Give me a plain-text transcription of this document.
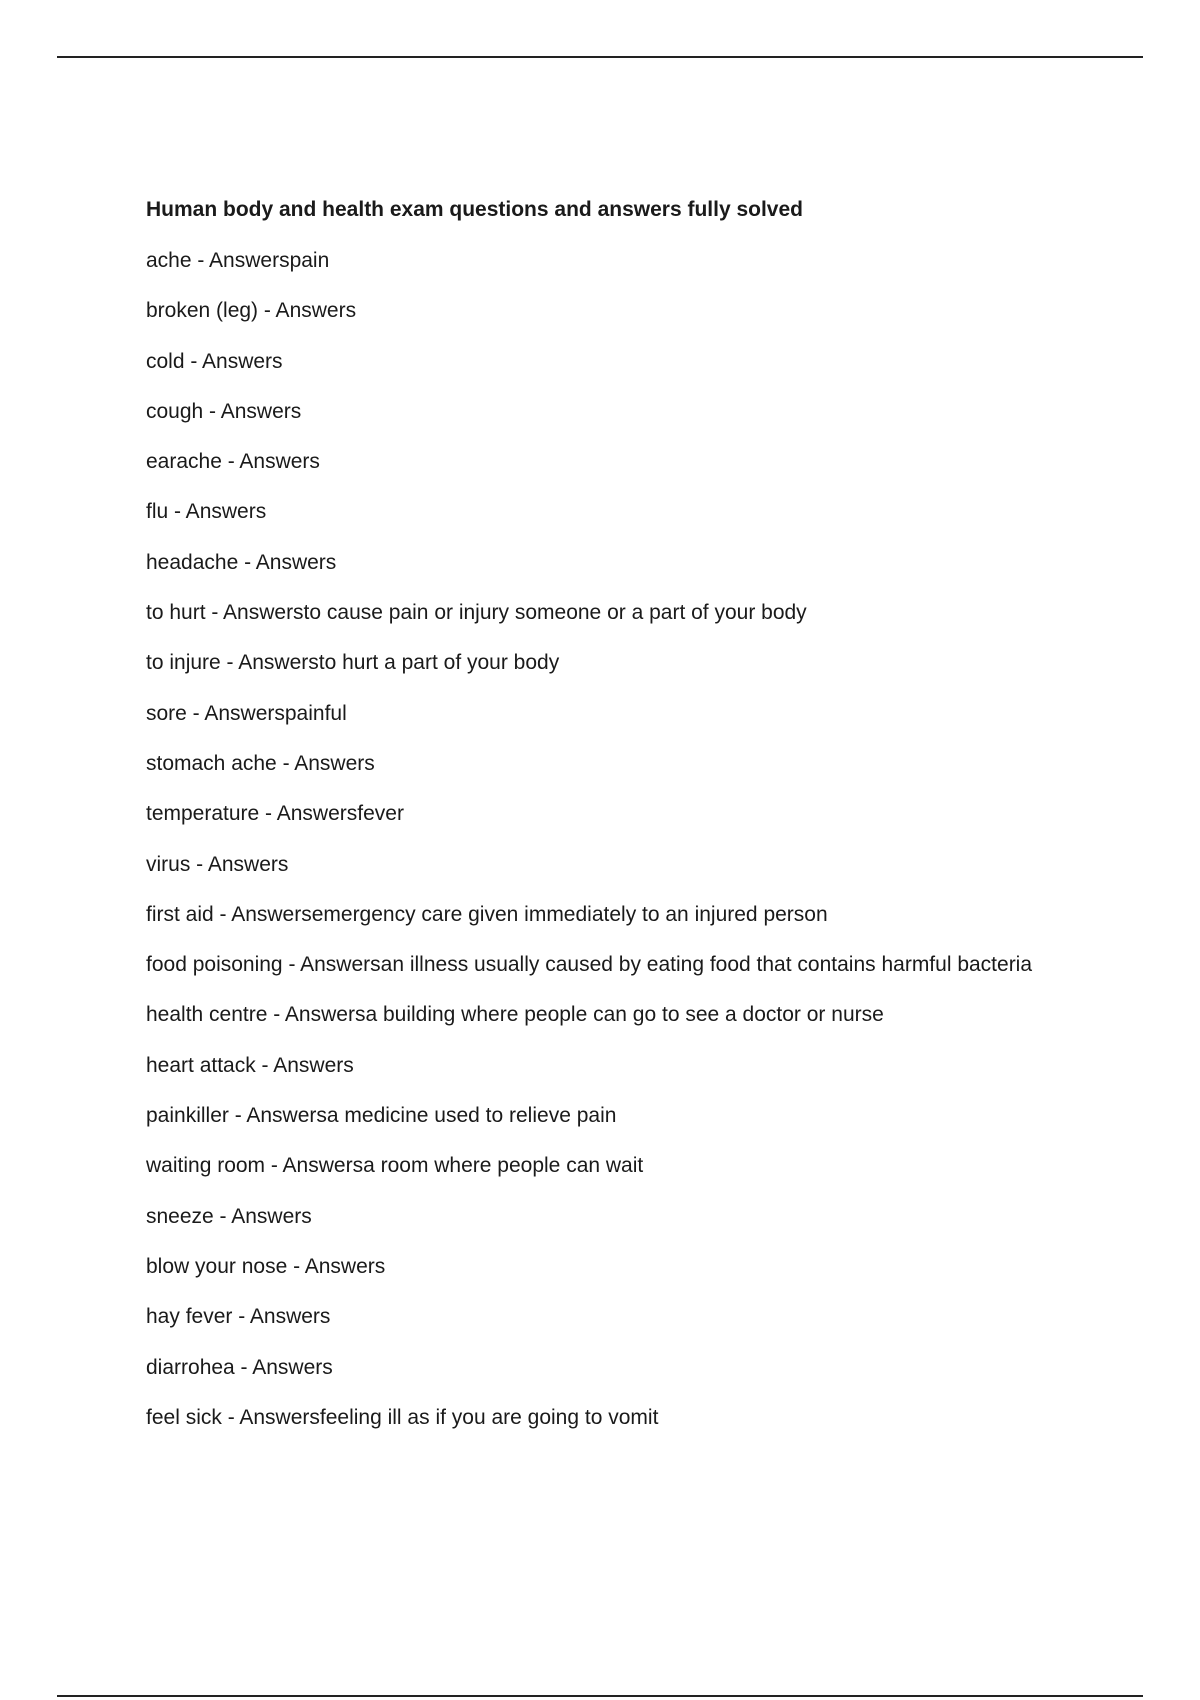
Human body and health exam questions and answers fully solved
ache - Answerspain
broken (leg) - Answers
cold - Answers
cough - Answers
earache - Answers
flu - Answers
headache - Answers
to hurt - Answersto cause pain or injury someone or a part of your body
to injure - Answersto hurt a part of your body
sore - Answerspainful
stomach ache - Answers
temperature - Answersfever
virus - Answers
first aid - Answersemergency care given immediately to an injured person
food poisoning - Answersan illness usually caused by eating food that contains harmful bacteria
health centre - Answersa building where people can go to see a doctor or nurse
heart attack - Answers
painkiller - Answersa medicine used to relieve pain
waiting room - Answersa room where people can wait
sneeze - Answers
blow your nose - Answers
hay fever - Answers
diarrohea - Answers
feel sick - Answersfeeling ill as if you are going to vomit
